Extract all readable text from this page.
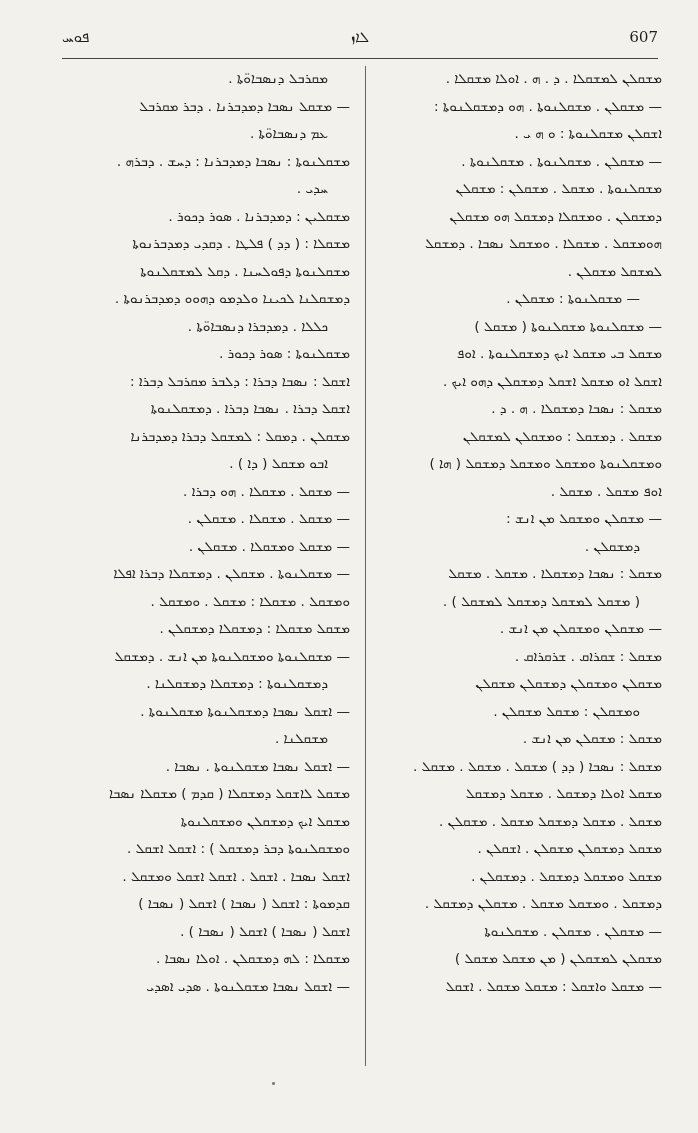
ܦܘܚ	ܠܐܙ	607
ܡܩܪܒܠ ܕܢܣܒܐܘ̈ܬܐ .
— ܡܫܩܠ ܢܣܒܐ ܕܡܕܒܪܢܐ . ܕܒܪ ܡܩܪܒܠ
ܥܡ ܕܢܣܒܐܘ̈ܬܐ .
ܡܫܩܠܢܘܬܐ : ܢܣܒܐ ܕܡܕܒܪܢܐ : ܕܚܫ . ܕܒܪܗ .
ܚܕܝ .
ܡܫܩܠܝܢ : ܕܡܕܒܪܢܐ . ܣܘܪ ܕܟܘܪ .
ܡܫܩܠܐ : ( ܕܕ ) ܦܠܛܐ . ܕܩܕܝ ܕܡܕܒܪܢܘܬܐ
ܡܫܩܠܢܘܬܐ ܕܦܘܠܚܢܐ . ܕܩܠ ܠܡܫܩܠܢܘܬܐ
ܕܡܫܩܠܢܐ ܠܟܝܢܐ ܘܠܕܡܘ ܕܗܘܘ ܕܡܕܒܪܢܘܬܐ .
ܟܠܠܐ . ܕܡܕܒܪܐ ܕܢܣܒܐܘ̈ܬܐ .
ܡܫܩܠܢܘܬܐ : ܣܘܪ ܕܟܘܪ .
ܐܫܩܠ : ܢܣܒܐ ܕܒܪܐ : ܕܠܒܪ ܡܩܪܒܠ ܕܒܪܐ :
ܐܫܩܠ ܕܒܪܐ . ܢܣܒܐ ܕܒܪܐ . ܕܡܫܩܠܢܘܬܐ
ܡܫܩܠܢ . ܕܡܩܠ : ܠܡܫܩܠ ܕܒܪܐ ܕܡܕܒܪܢܐ
ܐܒܘ ܡܫܩܠ ( ܕܐ ) .
— ܡܫܩܠ . ܡܫܩܠܐ . ܗܘ ܕܒܪܐ .
— ܡܫܩܠ . ܡܫܩܠܐ . ܡܫܩܠܢ .
— ܡܫܩܠ ܘܡܫܩܠܐ . ܡܫܩܠܢ .
— ܡܫܩܠܢܘܬܐ . ܡܫܩܠܢ . ܕܡܫܩܠܐ ܕܒܪܐ ܐܦܠܐ
ܘܡܫܩܠ . ܡܫܩܠܐ : ܡܫܩܠ . ܘܡܫܩܠ .
ܡܫܩܠ ܡܫܩܠܐ : ܕܡܫܩܠܐ ܕܡܫܩܠܢ .
— ܡܫܩܠܢܘܬܐ ܘܡܫܩܠܢܘܬܐ ܡܢ ܐܢܫ . ܕܡܫܩܠ
ܕܡܫܩܠܢܘܬܐ : ܕܡܫܩܠܐ ܕܡܫܩܠܢܐ .
— ܐܫܩܠ ܢܣܒܐ ܕܡܫܩܠܢܘܬܐ ܡܫܩܠܢܘܬܐ .
ܡܫܩܠܢܐ .
— ܐܫܩܠ ܢܣܒܐ ܡܫܩܠܢܘܬܐ . ܢܣܒܐ .
ܡܫܩܠ ܠܐܫܩܠ ܕܡܫܩܠܐ ( ܩܕܡ ) ܡܫܩܠܐ ܢܣܒܐ
ܡܫܩܠ ܐܝܟ ܕܡܫܩܠܢ ܘܡܫܩܠܢܘܬܐ
ܘܡܫܩܠܢܘܬܐ ܕܒܪ ܕܡܫܩܠ ) : ܐܫܩܠ ܐܫܩܠ .
ܐܫܩܠ ܢܣܒܐ . ܐܫܩܠ . ܐܫܩܠ ܐܫܩܠ ܘܡܫܩܠ .
ܩܕܡܘܬܐ : ܐܫܩܠ ( ܢܣܒܐ ) ܐܫܩܠ ( ܢܣܒܐ )
ܐܫܩܠ ( ܢܣܒܐ ) ܐܫܩܠ ( ܢܣܒܐ ) .
ܡܫܩܠܐ : ܠܗ ܕܡܫܩܠܢ . ܐܘܠܐ ܢܣܒܐ .
— ܐܫܩܠ ܢܣܒܐ ܡܫܩܠܢܘܬܐ . ܣܕܝ ܐܣܕܝ
ܡܫܩܠܢ ܠܡܫܩܠܐ . ܕ . ܗ . ܐܘܠܐ ܡܫܩܠܐ .
— ܡܫܩܠܢ . ܡܫܩܠܢܘܬܐ . ܗܘ ܕܡܫܩܠܢܘܬܐ :
ܐܫܩܠܢ ܡܫܩܠܢܘܬܐ : ܘ ܗ ܝ .
— ܡܫܩܠܢ . ܡܫܩܠܢܘܬܐ . ܡܫܩܠܢܘܬܐ .
ܡܫܩܠܢܘܬܐ . ܡܫܩܠ . ܡܫܩܠܢ : ܡܫܩܠܢ
ܕܡܫܩܠܢ . ܘܡܫܩܠܐ ܕܡܫܩܠ ܗܘ ܡܫܩܠܢ
ܗܘܡܫܩܠ . ܡܫܩܠܐ . ܘܡܫܩܠ ܢܣܒܐ . ܕܡܫܩܠ
ܠܡܫܩܠ ܡܫܩܠܢ .
— ܡܫܩܠܢܘܬܐ : ܡܫܩܠܢ .
— ܡܫܩܠܢܘܬܐ ܡܫܩܠܢܘܬܐ ( ܡܫܩܠ )
ܡܫܩܠ ܒܝ ܡܫܩܠ ܐܝܟ ܕܡܫܩܠܢܘܬܐ . ܐܘܦ
ܐܫܩܠ ܐܘ ܡܫܩܠ ܐܫܩܠ ܕܡܫܩܠܢ ܕܗܘ ܐܝܟ .
ܡܫܩܠ : ܢܣܒܐ ܕܡܫܩܠܐ . ܗ . ܕ .
ܡܫܩܠ . ܕܡܫܩܠ : ܘܡܫܩܠܢ ܠܡܫܩܠܢ
ܘܡܫܩܠܢܘܬܐ ܘܡܫܩܠ ܘܡܫܩܠ ܕܡܫܩܠ ( ܗܐ )
ܐܘܦ ܡܫܩܠ . ܡܫܩܠ .
— ܡܫܩܠܢ ܘܡܫܩܠ ܡܢ ܐܢܫ :
ܕܡܫܩܠܢ .
ܡܫܩܠ : ܢܣܒܐ ܕܡܫܩܠܐ . ܡܫܩܠ . ܡܫܩܠ
( ܡܫܩܠ ܠܡܫܩܠ ܕܡܫܩܠ ܠܡܫܩܠ ) .
— ܡܫܩܠܢ ܘܡܫܩܠܢ ܡܢ ܐܢܫ .
ܡܫܩܠ : ܫܩܪܐܩ . ܫܪܩܪܐܩ .
ܡܫܩܠܢ ܘܡܫܩܠܢ ܕܡܫܩܠܢ ܡܫܩܠܢ
ܘܡܫܩܠܢ : ܡܫܩܠ ܡܫܩܠܢ .
ܡܫܩܠ : ܡܫܩܠܢ ܡܢ ܐܢܫ .
ܡܫܩܠ : ܢܣܒܐ ( ܕܕ ) ܡܫܩܠ . ܡܫܩܠ . ܡܫܩܠ .
ܡܫܩܠ ܐܘܠܐ ܕܡܫܩܠ . ܡܫܩܠ ܕܡܫܩܠ
ܡܫܩܠ . ܡܫܩܠ ܕܡܫܩܠ ܡܫܩܠ . ܡܫܩܠܢ .
ܡܫܩܠ ܕܡܫܩܠܢ ܡܫܩܠܢ . ܐܫܩܠܢ .
ܡܫܩܠ ܘܡܫܩܠ ܕܡܫܩܠ . ܕܡܫܩܠܢ .
ܕܡܫܩܠ . ܘܡܫܩܠ ܡܫܩܠ . ܡܫܩܠܢ ܕܡܫܩܠ .
— ܡܫܩܠܢ . ܡܫܩܠܢ . ܡܫܩܠܢܘܬܐ
ܡܫܩܠܢ ܠܡܫܩܠܢ ( ܡܢ ܡܫܩܠ ܡܫܩܠ )
— ܡܫܩܠ ܘܐܫܩܠ : ܡܫܩܠ ܡܫܩܠ . ܐܫܩܠ
